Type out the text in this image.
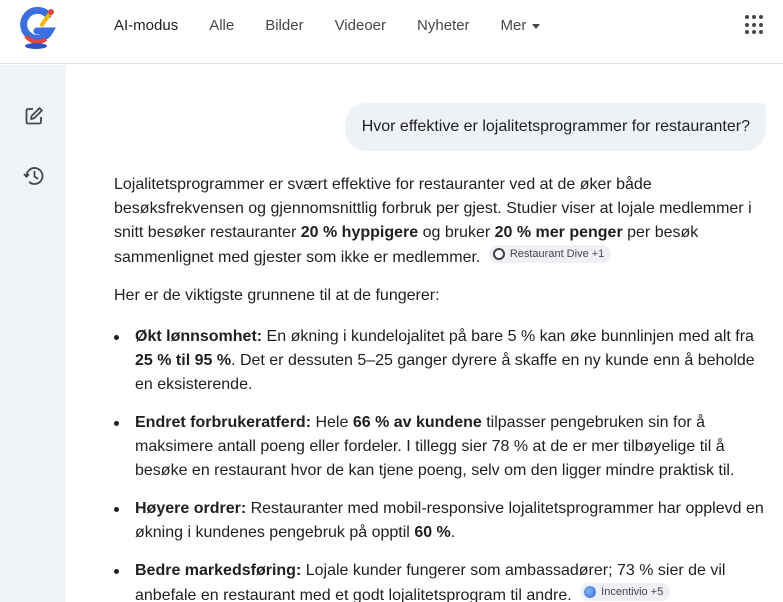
AI-modus Alle Bilder Videoer Nyheter Mer
Hvor effektive er lojalitetsprogrammer for restauranter?

Lojalitetsprogrammer er svært effektive for restauranter ved at de øker både besøksfrekvensen og gjennomsnittlig forbruk per gjest. Studier viser at lojale medlemmer i snitt besøker restauranter 20 % hyppigere og bruker 20 % mer penger per besøk sammenlignet med gjester som ikke er medlemmer.	Restaurant Dive +1

Her er de viktigste grunnene til at de fungerer:

Økt lønnsomhet: En økning i kundelojalitet på bare 5 % kan øke bunnlinjen med alt fra 25 % til 95 %. Det er dessuten 5–25 ganger dyrere å skaffe en ny kunde enn å beholde en eksisterende.
Endret forbrukeratferd: Hele 66 % av kundene tilpasser pengebruken sin for å maksimere antall poeng eller fordeler. I tillegg sier 78 % at de er mer tilbøyelige til å besøke en restaurant hvor de kan tjene poeng, selv om den ligger mindre praktisk til.
Høyere ordrer: Restauranter med mobil-responsive lojalitetsprogrammer har opplevd en økning i kundenes pengebruk på opptil 60 %.
Bedre markedsføring: Lojale kunder fungerer som ambassadører; 73 % sier de vil anbefale en restaurant med et godt lojalitetsprogram til andre.	Incentivio +5
